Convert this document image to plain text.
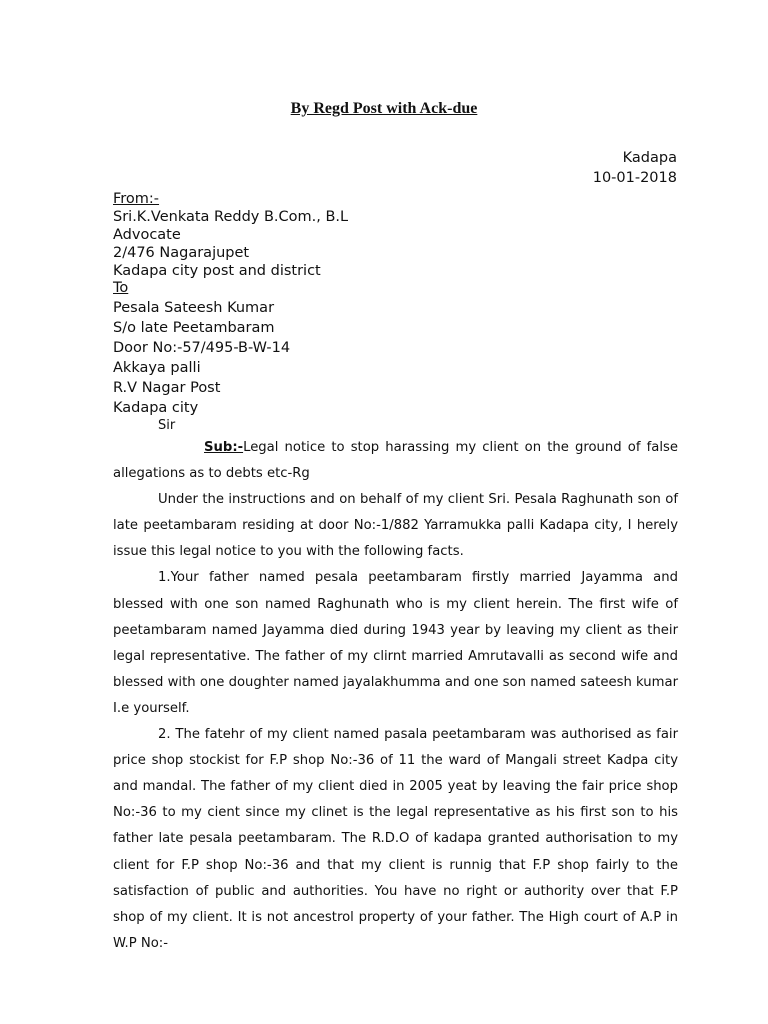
By Regd Post with Ack-due
Kadapa
10-01-2018
From:-
Sri.K.Venkata Reddy B.Com., B.L
Advocate
2/476 Nagarajupet
Kadapa city post and district
To
Pesala Sateesh Kumar
S/o late Peetambaram
Door No:-57/495-B-W-14
Akkaya palli
R.V Nagar Post
Kadapa city
Sir

Sub:-Legal notice to stop harassing my client on the ground of false allegations as to debts etc-Rg

Under the instructions and on behalf of my client Sri. Pesala Raghunath son of late peetambaram residing at door No:-1/882 Yarramukka palli Kadapa city, I herely issue this legal notice to you with the following facts.

1.Your father named pesala peetambaram firstly married Jayamma and blessed with one son named Raghunath who is my client herein. The first wife of peetambaram named Jayamma died during 1943 year by leaving my client as their legal representative. The father of my clirnt married Amrutavalli as second wife and blessed with one doughter named jayalakhumma and one son named sateesh kumar I.e yourself.

2. The fatehr of my client named pasala peetambaram was authorised as fair price shop stockist for F.P shop No:-36 of 11 the ward of Mangali street Kadpa city and mandal. The father of my client died in 2005 yeat by leaving the fair price shop No:-36 to my cient since my clinet is the legal representative as his first son to his father late pesala peetambaram. The R.D.O of kadapa granted authorisation to my client for F.P shop No:-36 and that my client is runnig that F.P shop fairly to the satisfaction of public and authorities. You have no right or authority over that F.P shop of my client. It is not ancestrol property of your father. The High court of A.P in W.P No:-
